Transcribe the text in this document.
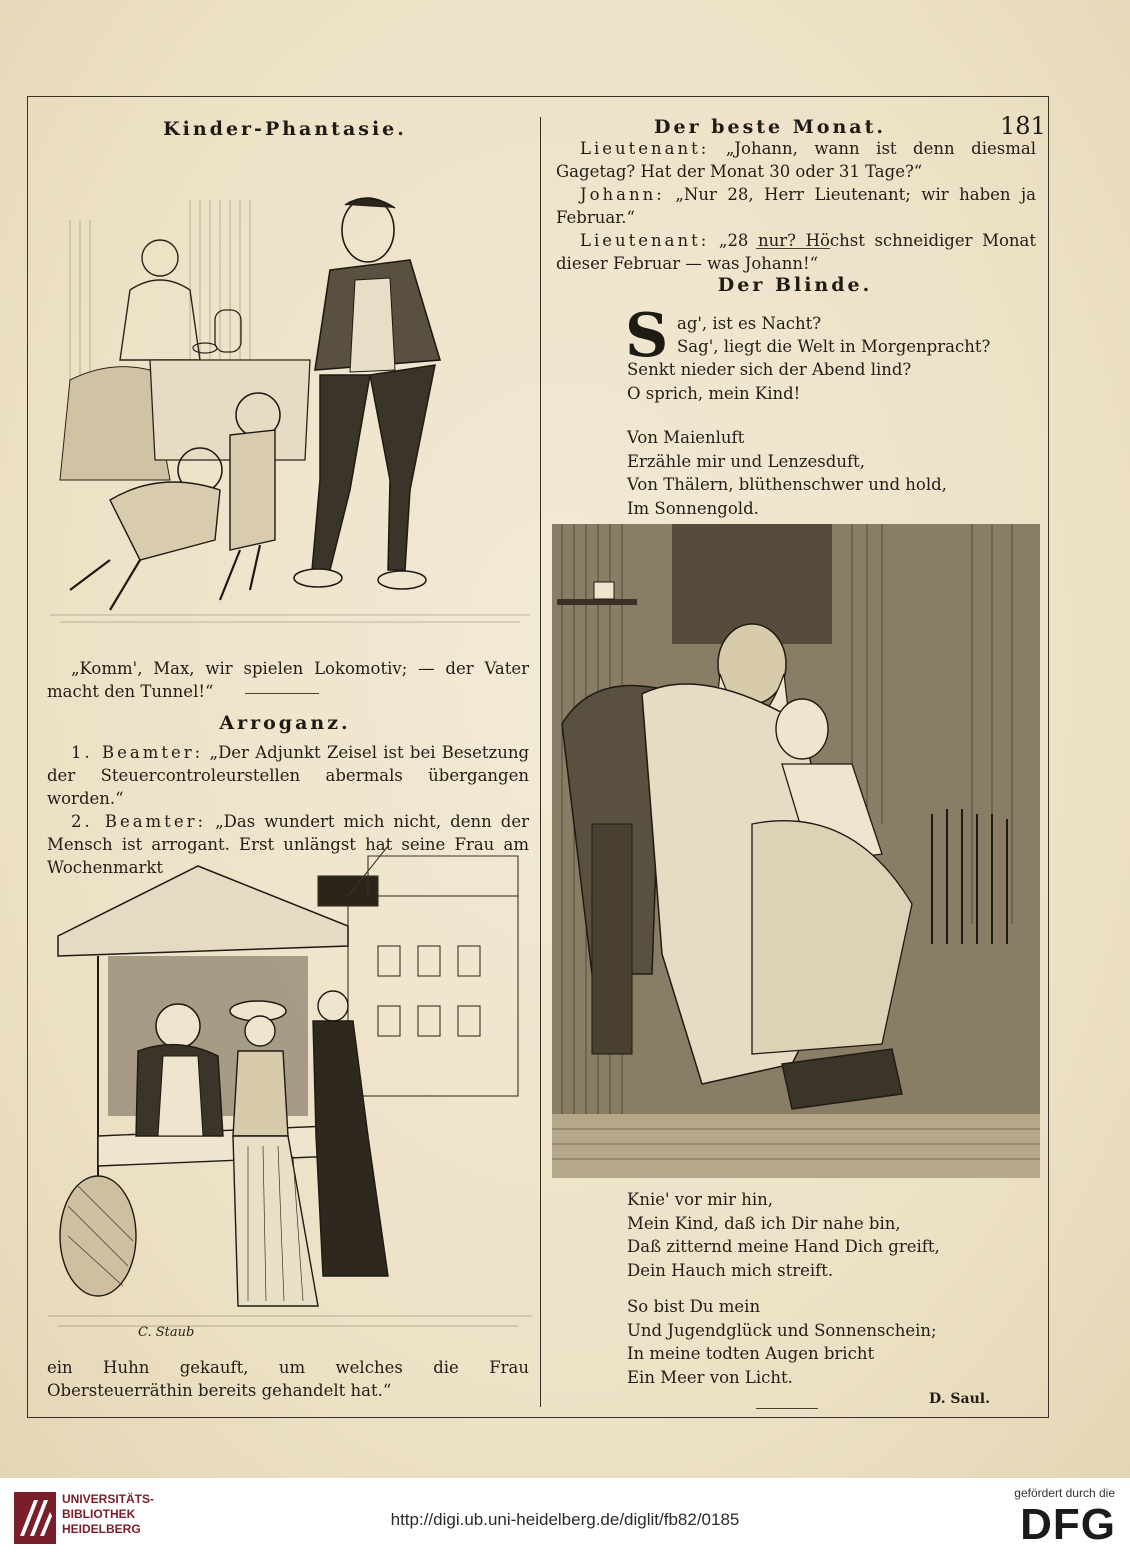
Kinder-Phantasie.

„Komm', Max, wir spielen Lokomotiv; — der Vater macht den Tunnel!“

Arroganz.

1. Beamter: „Der Adjunkt Zeisel ist bei Besetzung der Steuercontroleurstellen abermals übergangen worden.“

2. Beamter: „Das wundert mich nicht, denn der Mensch ist arrogant. Erst unlängst hat seine Frau am Wochenmarkt

C. Staub

ein Huhn gekauft, um welches die Frau Obersteuerräthin bereits gehandelt hat.“

Der beste Monat.	181

Lieutenant: „Johann, wann ist denn diesmal Gagetag? Hat der Monat 30 oder 31 Tage?“

Johann: „Nur 28, Herr Lieutenant; wir haben ja Februar.“

Lieutenant: „28 nur? Höchst schneidiger Monat dieser Februar — was Johann!“

Der Blinde.
S ag', ist es Nacht?
Sag', liegt die Welt in Morgenpracht?
Senkt nieder sich der Abend lind?
O sprich, mein Kind!
Von Maienluft
Erzähle mir und Lenzesduft,
Von Thälern, blüthenschwer und hold,
Im Sonnengold.
Knie' vor mir hin,
Mein Kind, daß ich Dir nahe bin,
Daß zitternd meine Hand Dich greift,
Dein Hauch mich streift.
So bist Du mein
Und Jugendglück und Sonnenschein;
In meine todten Augen bricht
Ein Meer von Licht.
D. Saul.
UNIVERSITÄTS-
BIBLIOTHEK
HEIDELBERG	http://digi.ub.uni-heidelberg.de/diglit/fb82/0185
gefördert durch die
DFG
